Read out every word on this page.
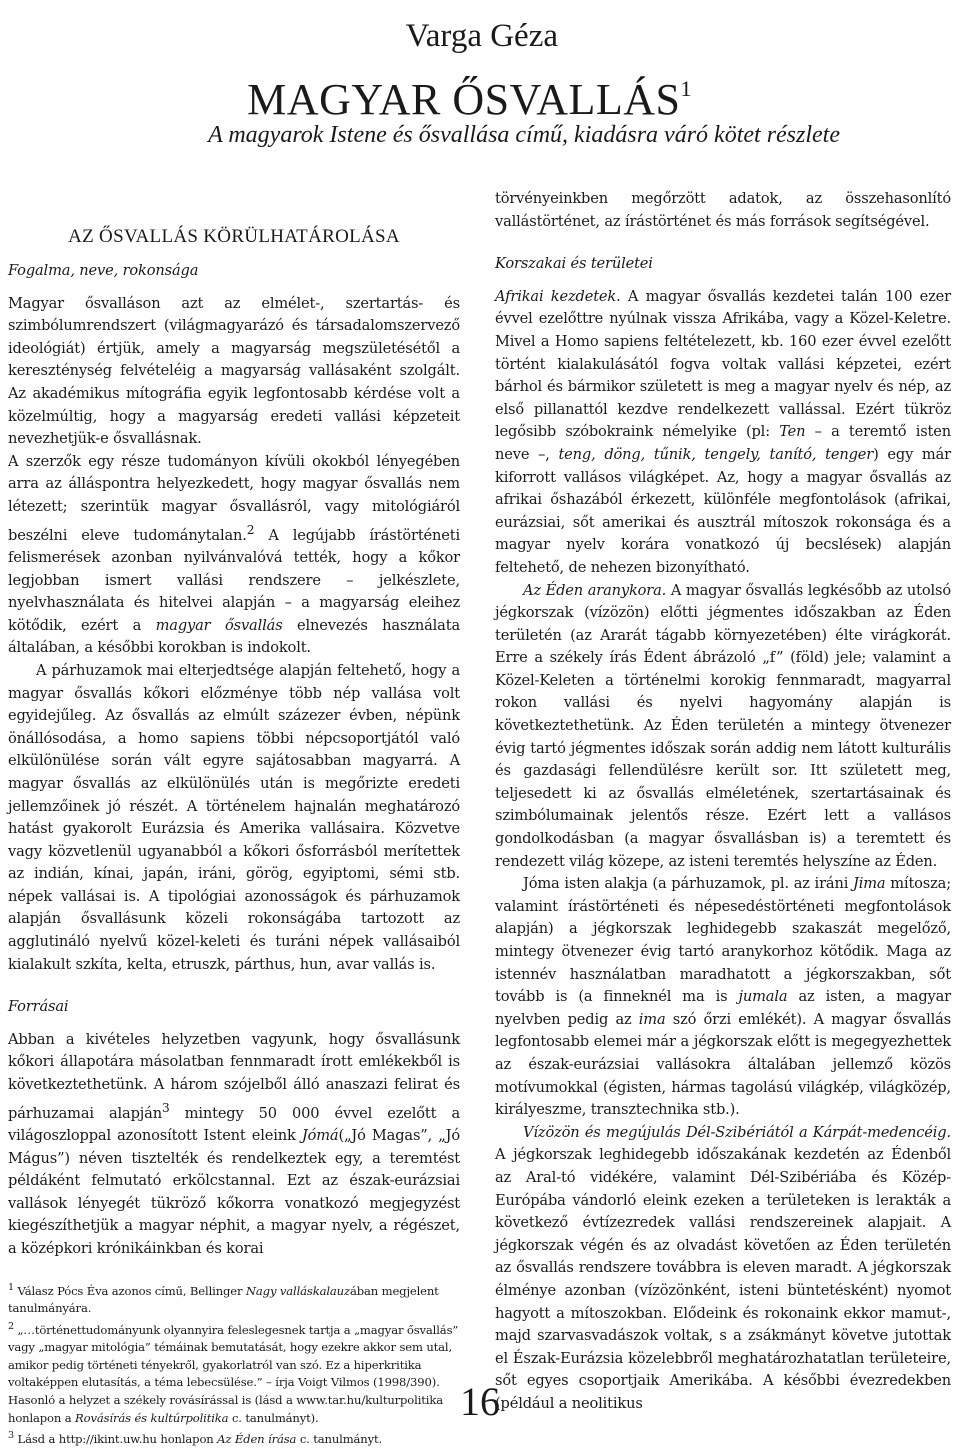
Varga Géza
MAGYAR ŐSVALLÁS$^1$
A magyarok Istene és ősvallása című, kiadásra váró kötet részlete
AZ ŐSVALLÁS KÖRÜLHATÁROLÁSA
Fogalma, neve, rokonsága

Magyar ősvalláson azt az elmélet-, szertartás- és szimbólumrendszert (világmagyarázó és társadalomszervező ideológiát) értjük, amely a magyarság megszületésétől a kereszténység felvételéig a magyarság vallásaként szolgált. Az akadémikus mítográfia egyik legfontosabb kérdése volt a közelmúltig, hogy a magyarság eredeti vallási képzeteit nevezhetjük-e ősvallásnak.

A szerzők egy része tudományon kívüli okokból lényegében arra az álláspontra helyezkedett, hogy magyar ősvallás nem létezett; szerintük magyar ősvallásról, vagy mitológiáról beszélni eleve tudománytalan.$^2$ A legújabb írástörténeti felismerések azonban nyilvánvalóvá tették, hogy a kőkor legjobban ismert vallási rendszere – jelkészlete, nyelvhasználata és hitelvei alapján – a magyarság eleihez kötődik, ezért a magyar ősvallás elnevezés használata általában, a későbbi korokban is indokolt.

A párhuzamok mai elterjedtsége alapján feltehető, hogy a magyar ősvallás kőkori előzménye több nép vallása volt egyidejűleg. Az ősvallás az elmúlt százezer évben, népünk önállósodása, a homo sapiens többi népcsoportjától való elkülönülése során vált egyre sajátosabban magyarrá. A magyar ősvallás az elkülönülés után is megőrizte eredeti jellemzőinek jó részét. A történelem hajnalán meghatározó hatást gyakorolt Eurázsia és Amerika vallásaira. Közvetve vagy közvetlenül ugyanabból a kőkori ősforrásból merítettek az indián, kínai, japán, iráni, görög, egyiptomi, sémi stb. népek vallásai is. A tipológiai azonosságok és párhuzamok alapján ősvallásunk közeli rokonságába tartozott az agglutináló nyelvű közel-keleti és turáni népek vallásaiból kialakult szkíta, kelta, etruszk, párthus, hun, avar vallás is.

Forrásai

Abban a kivételes helyzetben vagyunk, hogy ősvallásunk kőkori állapotára másolatban fennmaradt írott emlékekből is következtethetünk. A három szójelből álló anaszazi felirat és párhuzamai alapján$^3$ mintegy 50 000 évvel ezelőtt a világoszloppal azonosított Istent eleink Jómá(„Jó Magas”, „Jó Mágus”) néven tisztelték és rendelkeztek egy, a teremtést példáként felmutató erkölcstannal. Ezt az észak-eurázsiai vallások lényegét tükröző kőkorra vonatkozó megjegyzést kiegészíthetjük a magyar néphit, a magyar nyelv, a régészet, a középkori krónikáinkban és korai

$^1$ Válasz Pócs Éva azonos című, Bellinger Nagy valláskalauzában megjelent tanulmányára.

$^2$ „…történettudományunk olyannyira feleslegesnek tartja a „magyar ősvallás” vagy „magyar mitológia” témáinak bemutatását, hogy ezekre akkor sem utal, amikor pedig történeti tényekről, gyakorlatról van szó. Ez a hiperkritika voltaképpen elutasítás, a téma lebecsülése.” – írja Voigt Vilmos (1998/390). Hasonló a helyzet a székely rovásírással is (lásd a www.tar.hu/kulturpolitika honlapon a Rovásírás és kultúrpolitika c. tanulmányt).

$^3$ Lásd a http://ikint.uw.hu honlapon Az Éden írása c. tanulmányt.

törvényeinkben megőrzött adatok, az összehasonlító vallástörténet, az írástörténet és más források segítségével.

Korszakai és területei

Afrikai kezdetek. A magyar ősvallás kezdetei talán 100 ezer évvel ezelőttre nyúlnak vissza Afrikába, vagy a Közel-Keletre. Mivel a Homo sapiens feltételezett, kb. 160 ezer évvel ezelőtt történt kialakulásától fogva voltak vallási képzetei, ezért bárhol és bármikor született is meg a magyar nyelv és nép, az első pillanattól kezdve rendelkezett vallással. Ezért tükröz legősibb szóbokraink némelyike (pl: Ten – a teremtő isten neve –, teng, döng, tűnik, tengely, tanító, tenger) egy már kiforrott vallásos világképet. Az, hogy a magyar ősvallás az afrikai őshazából érkezett, különféle megfontolások (afrikai, eurázsiai, sőt amerikai és ausztrál mítoszok rokonsága és a magyar nyelv korára vonatkozó új becslések) alapján feltehető, de nehezen bizonyítható.

Az Éden aranykora. A magyar ősvallás legkésőbb az utolsó jégkorszak (vízözön) előtti jégmentes időszakban az Éden területén (az Ararát tágabb környezetében) élte virágkorát. Erre a székely írás Édent ábrázoló „f” (föld) jele; valamint a Közel-Keleten a történelmi korokig fennmaradt, magyarral rokon vallási és nyelvi hagyomány alapján is következtethetünk. Az Éden területén a mintegy ötvenezer évig tartó jégmentes időszak során addig nem látott kulturális és gazdasági fellendülésre került sor. Itt született meg, teljesedett ki az ősvallás elméletének, szertartásainak és szimbólumainak jelentős része. Ezért lett a vallásos gondolkodásban (a magyar ősvallásban is) a teremtett és rendezett világ közepe, az isteni teremtés helyszíne az Éden.

Jóma isten alakja (a párhuzamok, pl. az iráni Jima mítosza; valamint írástörténeti és népesedéstörténeti megfontolások alapján) a jégkorszak leghidegebb szakaszát megelőző, mintegy ötvenezer évig tartó aranykorhoz kötődik. Maga az istennév használatban maradhatott a jégkorszakban, sőt tovább is (a finneknél ma is jumala az isten, a magyar nyelvben pedig az ima szó őrzi emlékét). A magyar ősvallás legfontosabb elemei már a jégkorszak előtt is megegyezhettek az észak-eurázsiai vallásokra általában jellemző közös motívumokkal (égisten, hármas tagolású világkép, világközép, királyeszme, transztechnika stb.).

Vízözön és megújulás Dél-Szibériától a Kárpát-medencéig. A jégkorszak leghidegebb időszakának kezdetén az Édenből az Aral-tó vidékére, valamint Dél-Szibériába és Közép-Európába vándorló eleink ezeken a területeken is lerakták a következő évtízezredek vallási rendszereinek alapjait. A jégkorszak végén és az olvadást követően az Éden területén az ősvallás rendszere továbbra is eleven maradt. A jégkorszak élménye azonban (vízözönként, isteni büntetésként) nyomot hagyott a mítoszokban. Elődeink és rokonaink ekkor mamut-, majd szarvasvadászok voltak, s a zsákmányt követve jutottak el Észak-Eurázsia közelebbről meghatározhatatlan területeire, sőt egyes csoportjaik Amerikába. A későbbi évezredekben (például a neolitikus

16
